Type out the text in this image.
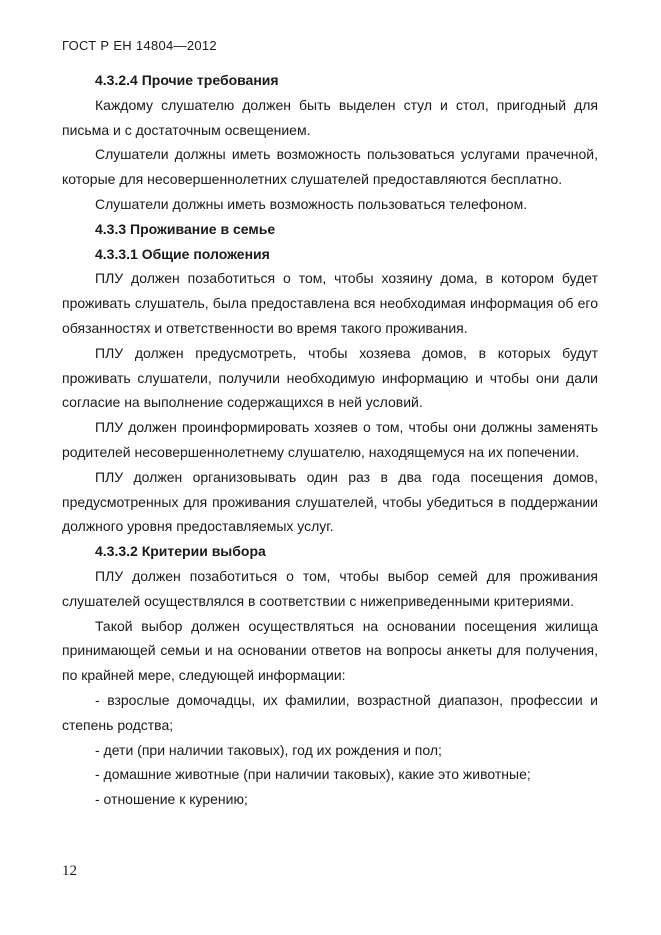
ГОСТ Р ЕН 14804—2012
4.3.2.4 Прочие требования

Каждому слушателю должен быть выделен стул и стол, пригодный для письма и с достаточным освещением.

Слушатели должны иметь возможность пользоваться услугами прачечной, которые для несовершеннолетних слушателей предоставляются бесплатно.

Слушатели должны иметь возможность пользоваться телефоном.

4.3.3 Проживание в семье
4.3.3.1 Общие положения

ПЛУ должен позаботиться о том, чтобы хозяину дома, в котором будет проживать слушатель, была предоставлена вся необходимая информация об его обязанностях и ответственности во время такого проживания.

ПЛУ должен предусмотреть, чтобы хозяева домов, в которых будут проживать слушатели, получили необходимую информацию и чтобы они дали согласие на выполнение содержащихся в ней условий.

ПЛУ должен проинформировать хозяев о том, чтобы они должны заменять родителей несовершеннолетнему слушателю, находящемуся на их попечении.

ПЛУ должен организовывать один раз в два года посещения домов, предусмотренных для проживания слушателей, чтобы убедиться в поддержании должного уровня предоставляемых услуг.

4.3.3.2 Критерии выбора

ПЛУ должен позаботиться о том, чтобы выбор семей для проживания слушателей осуществлялся в соответствии с нижеприведенными критериями.

Такой выбор должен осуществляться на основании посещения жилища принимающей семьи и на основании ответов на вопросы анкеты для получения, по крайней мере, следующей информации:

- взрослые домочадцы, их фамилии, возрастной диапазон, профессии и степень родства;

- дети (при наличии таковых), год их рождения и пол;

- домашние животные (при наличии таковых), какие это животные;

- отношение к курению;

12
